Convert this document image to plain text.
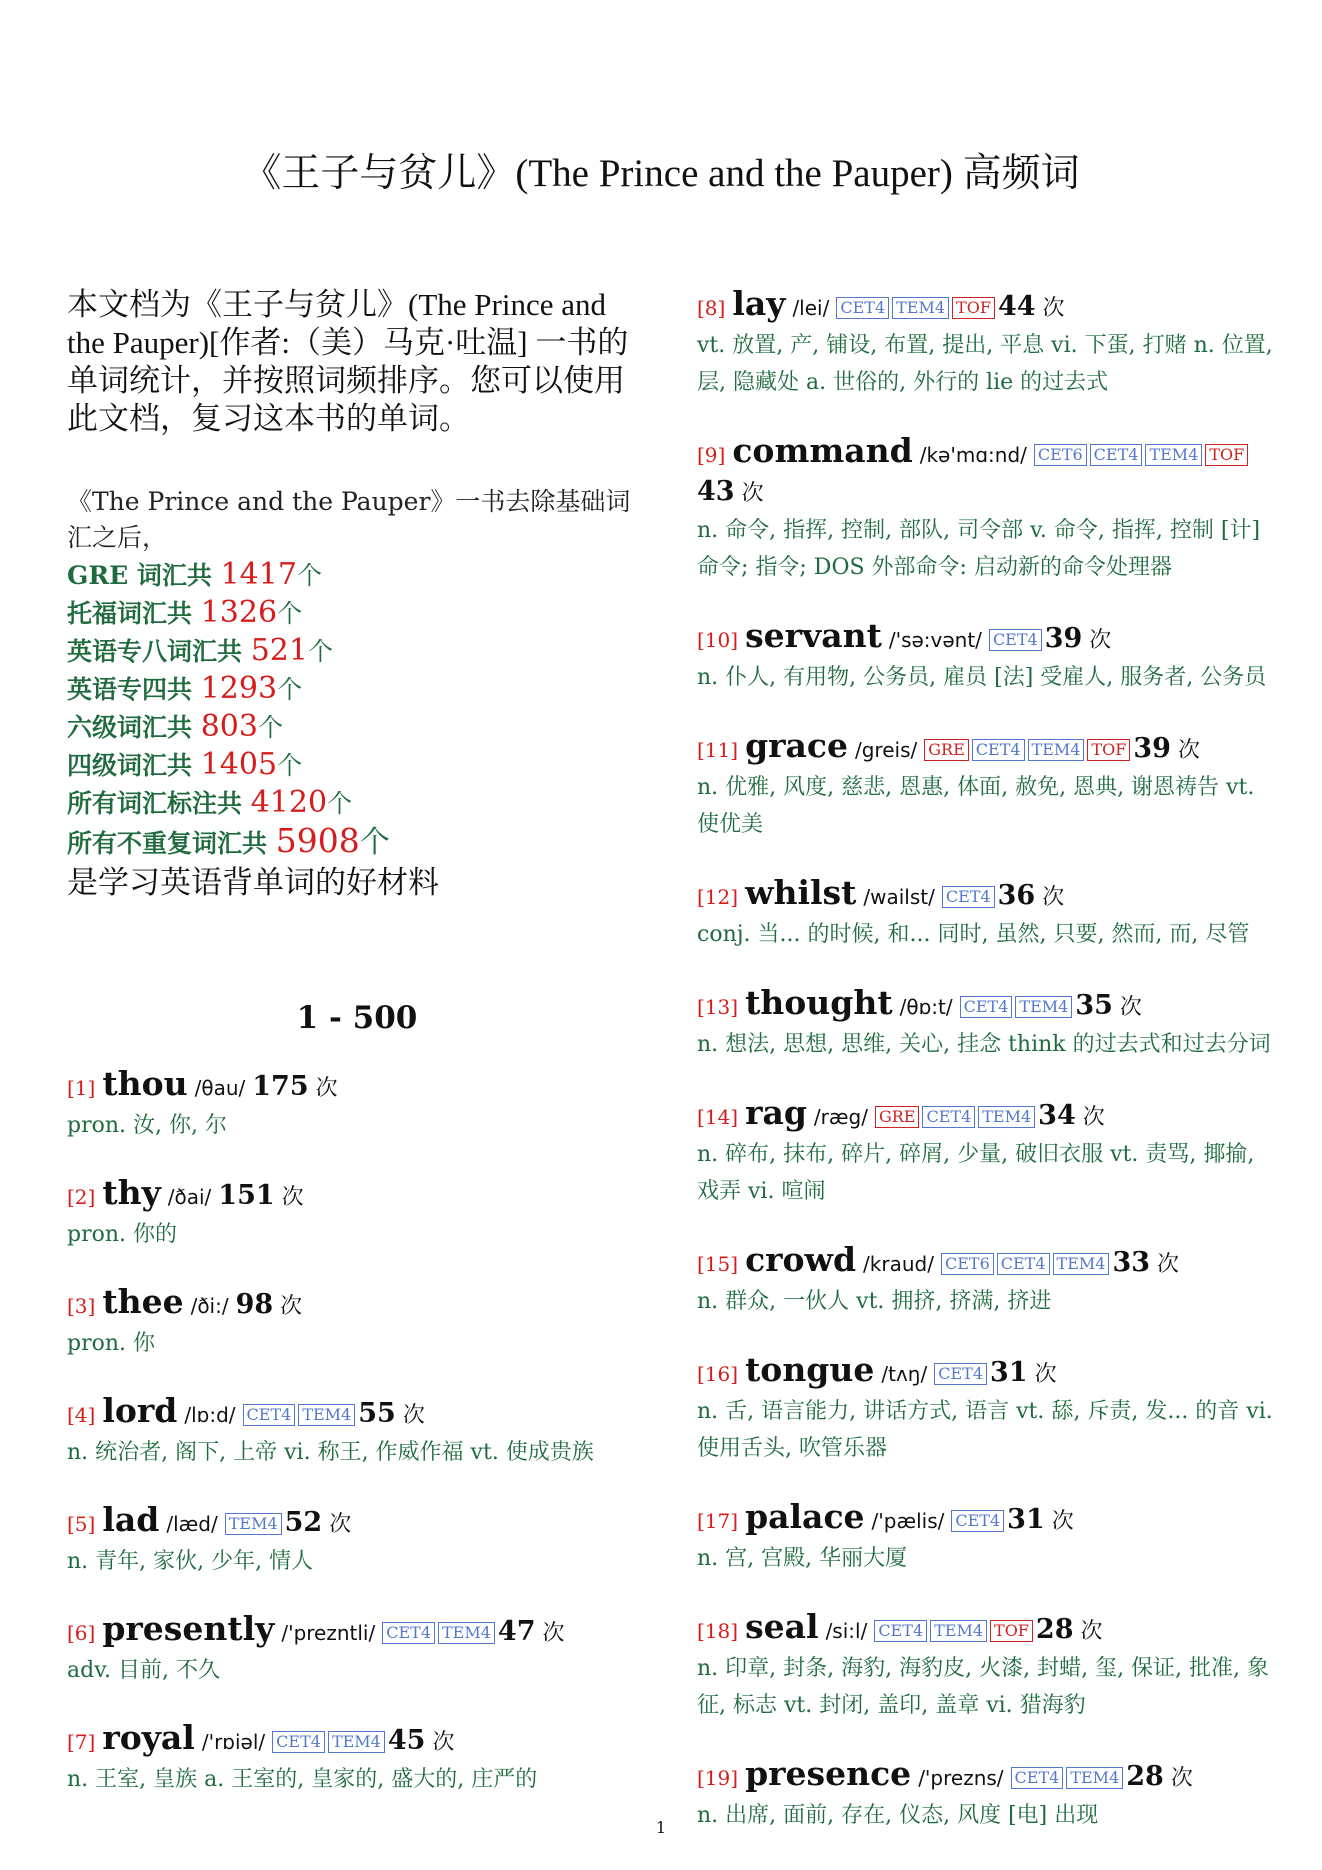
《王子与贫儿》(The Prince and the Pauper) 高频词
本文档为《王子与贫儿》(The Prince and the Pauper)[作者:（美）马克·吐温] 一书的单词统计，并按照词频排序。您可以使用此文档，复习这本书的单词。
《The Prince and the Pauper》一书去除基础词汇之后，
GRE 词汇共 1417个
托福词汇共 1326个
英语专八词汇共 521个
英语专四共 1293个
六级词汇共 803个
四级词汇共 1405个
所有词汇标注共 4120个
所有不重复词汇共 5908个
是学习英语背单词的好材料
1 - 500
[1] thou /θau/ 175 次
pron. 汝, 你, 尔
[2] thy /ðai/ 151 次
pron. 你的
[3] thee /ði:/ 98 次
pron. 你
[4] lord /lɒ:d/ CET4 TEM4 55 次
n. 统治者, 阁下, 上帝 vi. 称王, 作威作福 vt. 使成贵族
[5] lad /læd/ TEM4 52 次
n. 青年, 家伙, 少年, 情人
[6] presently /'prezntli/ CET4 TEM4 47 次
adv. 目前, 不久
[7] royal /'rɒiəl/ CET4 TEM4 45 次
n. 王室, 皇族 a. 王室的, 皇家的, 盛大的, 庄严的
[8] lay /lei/ CET4 TEM4 TOF 44 次
vt. 放置, 产, 铺设, 布置, 提出, 平息 vi. 下蛋, 打赌 n. 位置, 层, 隐藏处 a. 世俗的, 外行的 lie 的过去式
[9] command /kə'mɑ:nd/ CET6 CET4 TEM4 TOF43 次
n. 命令, 指挥, 控制, 部队, 司令部 v. 命令, 指挥, 控制 [计] 命令; 指令; DOS 外部命令: 启动新的命令处理器
[10] servant /'sə:vənt/ CET4 39 次
n. 仆人, 有用物, 公务员, 雇员 [法] 受雇人, 服务者, 公务员
[11] grace /greis/ GRE CET4 TEM4 TOF 39 次
n. 优雅, 风度, 慈悲, 恩惠, 体面, 赦免, 恩典, 谢恩祷告 vt. 使优美
[12] whilst /wailst/ CET4 36 次
conj. 当... 的时候, 和... 同时, 虽然, 只要, 然而, 而, 尽管
[13] thought /θɒ:t/ CET4 TEM4 35 次
n. 想法, 思想, 思维, 关心, 挂念 think 的过去式和过去分词
[14] rag /ræg/ GRE CET4 TEM4 34 次
n. 碎布, 抹布, 碎片, 碎屑, 少量, 破旧衣服 vt. 责骂, 揶揄, 戏弄 vi. 喧闹
[15] crowd /kraud/ CET6 CET4 TEM4 33 次
n. 群众, 一伙人 vt. 拥挤, 挤满, 挤进
[16] tongue /tʌŋ/ CET4 31 次
n. 舌, 语言能力, 讲话方式, 语言 vt. 舔, 斥责, 发... 的音 vi. 使用舌头, 吹管乐器
[17] palace /'pælis/ CET4 31 次
n. 宫, 宫殿, 华丽大厦
[18] seal /si:l/ CET4 TEM4 TOF 28 次
n. 印章, 封条, 海豹, 海豹皮, 火漆, 封蜡, 玺, 保证, 批准, 象征, 标志 vt. 封闭, 盖印, 盖章 vi. 猎海豹
[19] presence /'prezns/ CET4 TEM4 28 次
n. 出席, 面前, 存在, 仪态, 风度 [电] 出现
1
